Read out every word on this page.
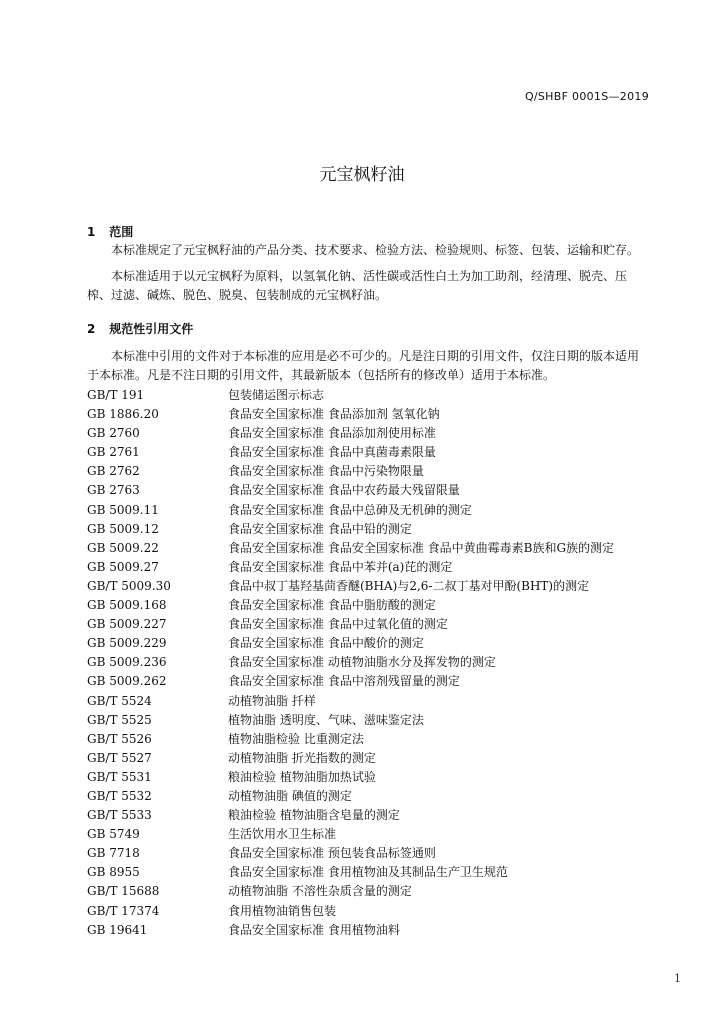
Q/SHBF 0001S—2019
元宝枫籽油
1 范围

本标准规定了元宝枫籽油的产品分类、技术要求、检验方法、检验规则、标签、包装、运输和贮存。

本标准适用于以元宝枫籽为原料，以氢氧化钠、活性碳或活性白土为加工助剂，经清理、脱壳、压榨、过滤、碱炼、脱色、脱臭、包装制成的元宝枫籽油。

2 规范性引用文件

本标准中引用的文件对于本标准的应用是必不可少的。凡是注日期的引用文件，仅注日期的版本适用于本标准。凡是不注日期的引用文件，其最新版本（包括所有的修改单）适用于本标准。

GB/T 191	包装储运图示标志
GB 1886.20	食品安全国家标准 食品添加剂 氢氧化钠
GB 2760	食品安全国家标准 食品添加剂使用标准
GB 2761	食品安全国家标准 食品中真菌毒素限量
GB 2762	食品安全国家标准 食品中污染物限量
GB 2763	食品安全国家标准 食品中农药最大残留限量
GB 5009.11	食品安全国家标准 食品中总砷及无机砷的测定
GB 5009.12	食品安全国家标准 食品中铅的测定
GB 5009.22	食品安全国家标准 食品安全国家标准 食品中黄曲霉毒素B族和G族的测定
GB 5009.27	食品安全国家标准 食品中苯并(a)芘的测定
GB/T 5009.30	食品中叔丁基羟基茴香醚(BHA)与2,6-二叔丁基对甲酚(BHT)的测定
GB 5009.168	食品安全国家标准 食品中脂肪酸的测定
GB 5009.227	食品安全国家标准 食品中过氧化值的测定
GB 5009.229	食品安全国家标准 食品中酸价的测定
GB 5009.236	食品安全国家标准 动植物油脂水分及挥发物的测定
GB 5009.262	食品安全国家标准 食品中溶剂残留量的测定
GB/T 5524	动植物油脂 扦样
GB/T 5525	植物油脂 透明度、气味、滋味鉴定法
GB/T 5526	植物油脂检验 比重测定法
GB/T 5527	动植物油脂 折光指数的测定
GB/T 5531	粮油检验 植物油脂加热试验
GB/T 5532	动植物油脂 碘值的测定
GB/T 5533	粮油检验 植物油脂含皂量的测定
GB 5749	生活饮用水卫生标准
GB 7718	食品安全国家标准 预包装食品标签通则
GB 8955	食品安全国家标准 食用植物油及其制品生产卫生规范
GB/T 15688	动植物油脂 不溶性杂质含量的测定
GB/T 17374	食用植物油销售包装
GB 19641	食品安全国家标准 食用植物油料
1
